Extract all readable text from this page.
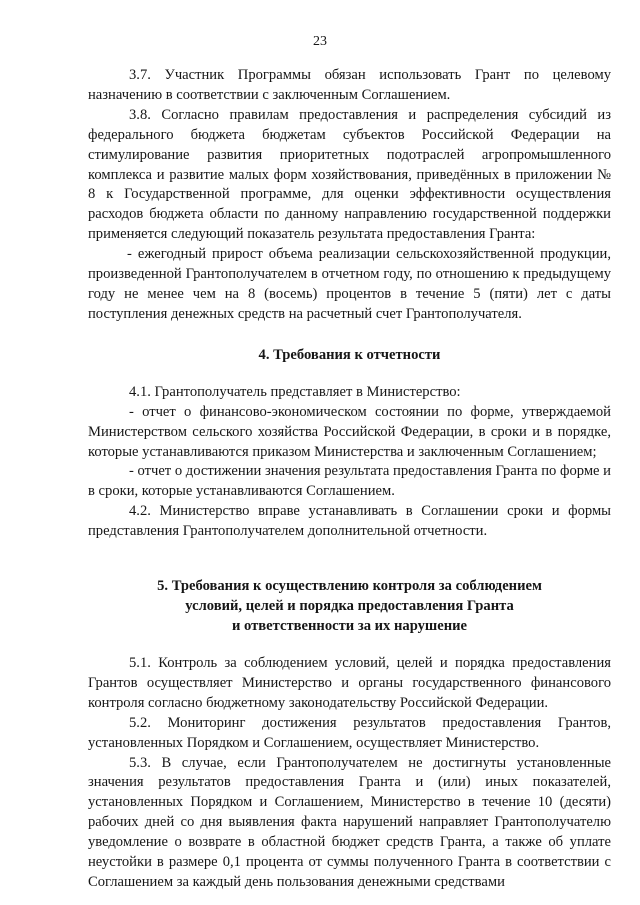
23

3.7. Участник Программы обязан использовать Грант по целевому назначению в соответствии с заключенным Соглашением.

3.8. Согласно правилам предоставления и распределения субсидий из федерального бюджета бюджетам субъектов Российской Федерации на стимулирование развития приоритетных подотраслей агропромышленного комплекса и развитие малых форм хозяйствования, приведённых в приложении № 8 к Государственной программе, для оценки эффективности осуществления расходов бюджета области по данному направлению государственной поддержки применяется следующий показатель результата предоставления Гранта:

- ежегодный прирост объема реализации сельскохозяйственной продукции, произведенной Грантополучателем в отчетном году, по отношению к предыдущему году не менее чем на 8 (восемь) процентов в течение 5 (пяти) лет с даты поступления денежных средств на расчетный счет Грантополучателя.

4. Требования к отчетности

4.1. Грантополучатель представляет в Министерство:

- отчет о финансово-экономическом состоянии по форме, утверждаемой Министерством сельского хозяйства Российской Федерации, в сроки и в порядке, которые устанавливаются приказом Министерства и заключенным Соглашением;

- отчет о достижении значения результата предоставления Гранта по форме и в сроки, которые устанавливаются Соглашением.

4.2. Министерство вправе устанавливать в Соглашении сроки и формы представления Грантополучателем дополнительной отчетности.

5. Требования к осуществлению контроля за соблюдением
условий, целей и порядка предоставления Гранта
и ответственности за их нарушение

5.1. Контроль за соблюдением условий, целей и порядка предоставления Грантов осуществляет Министерство и органы государственного финансового контроля согласно бюджетному законодательству Российской Федерации.

5.2. Мониторинг достижения результатов предоставления Грантов, установленных Порядком и Соглашением, осуществляет Министерство.

5.3. В случае, если Грантополучателем не достигнуты установленные значения результатов предоставления Гранта и (или) иных показателей, установленных Порядком и Соглашением, Министерство в течение 10 (десяти) рабочих дней со дня выявления факта нарушений направляет Грантополучателю уведомление о возврате в областной бюджет средств Гранта, а также об уплате неустойки в размере 0,1 процента от суммы полученного Гранта в соответствии с Соглашением за каждый день пользования денежными средствами
